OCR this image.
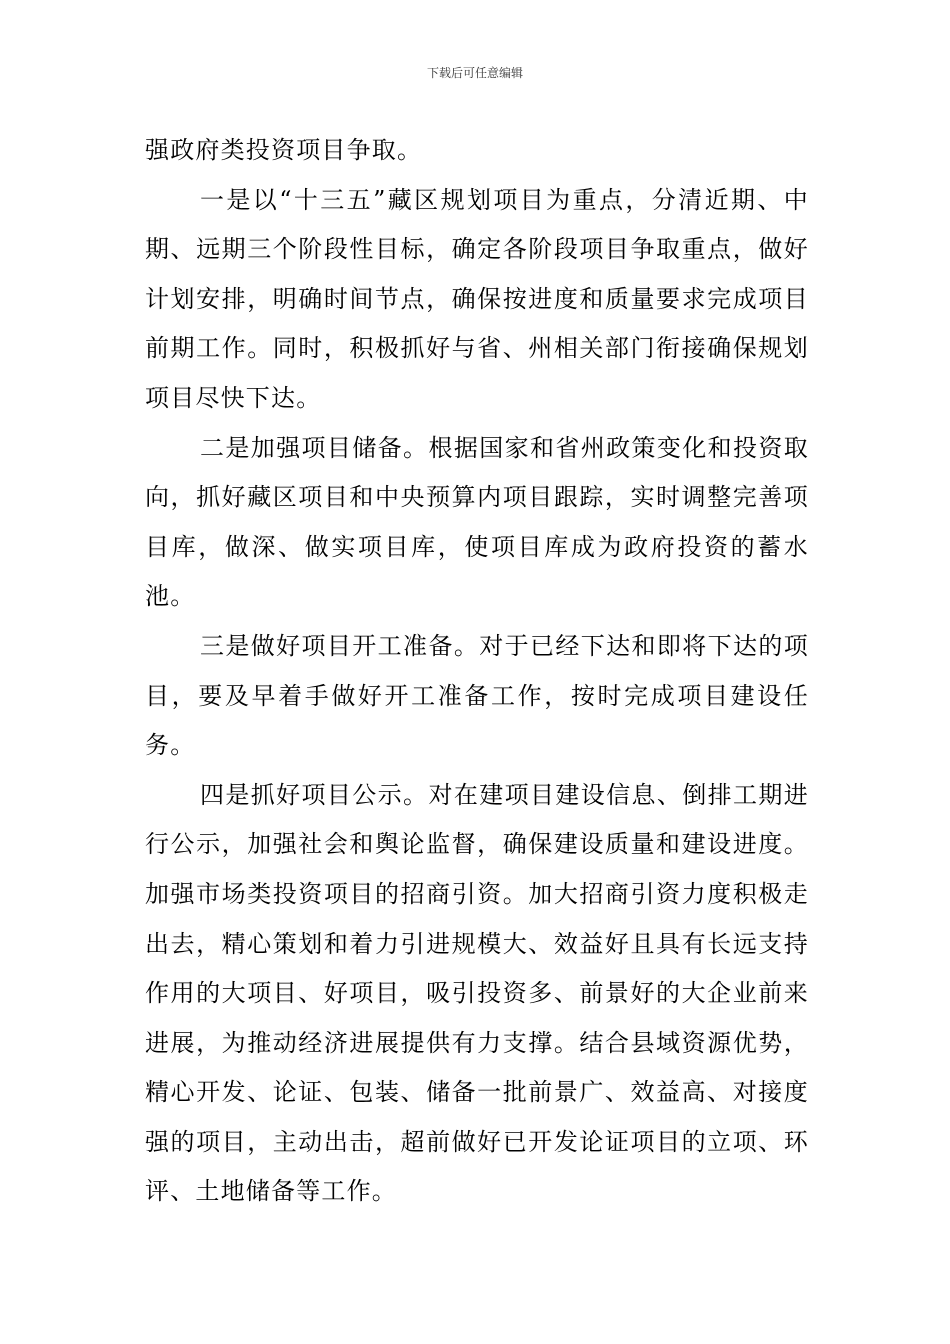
下载后可任意编辑

强政府类投资项目争取。

一是以“十三五”藏区规划项目为重点，分清近期、中期、远期三个阶段性目标，确定各阶段项目争取重点，做好计划安排，明确时间节点，确保按进度和质量要求完成项目前期工作。同时，积极抓好与省、州相关部门衔接确保规划项目尽快下达。

二是加强项目储备。根据国家和省州政策变化和投资取向，抓好藏区项目和中央预算内项目跟踪，实时调整完善项目库，做深、做实项目库，使项目库成为政府投资的蓄水池。

三是做好项目开工准备。对于已经下达和即将下达的项目，要及早着手做好开工准备工作，按时完成项目建设任务。

四是抓好项目公示。对在建项目建设信息、倒排工期进行公示，加强社会和舆论监督，确保建设质量和建设进度。加强市场类投资项目的招商引资。加大招商引资力度积极走出去，精心策划和着力引进规模大、效益好且具有长远支持作用的大项目、好项目，吸引投资多、前景好的大企业前来进展，为推动经济进展提供有力支撑。结合县域资源优势，精心开发、论证、包装、储备一批前景广、效益高、对接度强的项目，主动出击，超前做好已开发论证项目的立项、环评、土地储备等工作。
